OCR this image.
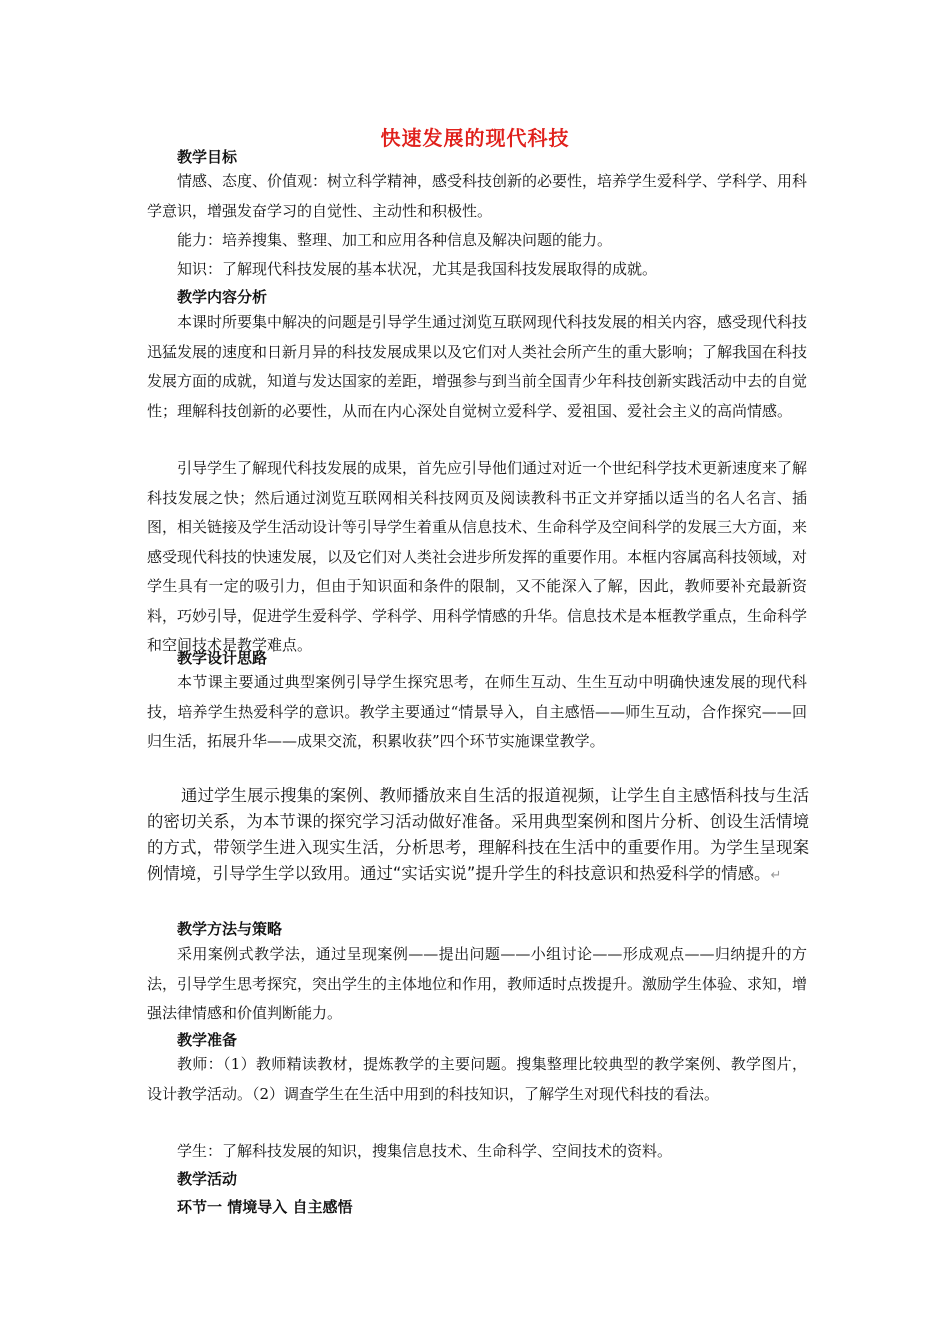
快速发展的现代科技
教学目标

情感、态度、价值观：树立科学精神，感受科技创新的必要性，培养学生爱科学、学科学、用科学意识，增强发奋学习的自觉性、主动性和积极性。

能力：培养搜集、整理、加工和应用各种信息及解决问题的能力。

知识：了解现代科技发展的基本状况，尤其是我国科技发展取得的成就。

教学内容分析

本课时所要集中解决的问题是引导学生通过浏览互联网现代科技发展的相关内容，感受现代科技迅猛发展的速度和日新月异的科技发展成果以及它们对人类社会所产生的重大影响；了解我国在科技发展方面的成就，知道与发达国家的差距，增强参与到当前全国青少年科技创新实践活动中去的自觉性；理解科技创新的必要性，从而在内心深处自觉树立爱科学、爱祖国、爱社会主义的高尚情感。

引导学生了解现代科技发展的成果，首先应引导他们通过对近一个世纪科学技术更新速度来了解科技发展之快；然后通过浏览互联网相关科技网页及阅读教科书正文并穿插以适当的名人名言、插图，相关链接及学生活动设计等引导学生着重从信息技术、生命科学及空间科学的发展三大方面，来感受现代科技的快速发展，以及它们对人类社会进步所发挥的重要作用。本框内容属高科技领域，对学生具有一定的吸引力，但由于知识面和条件的限制，又不能深入了解，因此，教师要补充最新资料，巧妙引导，促进学生爱科学、学科学、用科学情感的升华。信息技术是本框教学重点，生命科学和空间技术是教学难点。

教学设计思路

本节课主要通过典型案例引导学生探究思考，在师生互动、生生互动中明确快速发展的现代科技，培养学生热爱科学的意识。教学主要通过“情景导入，自主感悟——师生互动，合作探究——回归生活，拓展升华——成果交流，积累收获”四个环节实施课堂教学。

通过学生展示搜集的案例、教师播放来自生活的报道视频，让学生自主感悟科技与生活的密切关系，为本节课的探究学习活动做好准备。采用典型案例和图片分析、创设生活情境的方式，带领学生进入现实生活，分析思考，理解科技在生活中的重要作用。为学生呈现案例情境，引导学生学以致用。通过“实话实说”提升学生的科技意识和热爱科学的情感。↵

教学方法与策略

采用案例式教学法，通过呈现案例——提出问题——小组讨论——形成观点——归纳提升的方法，引导学生思考探究，突出学生的主体地位和作用，教师适时点拨提升。激励学生体验、求知，增强法律情感和价值判断能力。

教学准备

教师：（1）教师精读教材，提炼教学的主要问题。搜集整理比较典型的教学案例、教学图片，设计教学活动。（2）调查学生在生活中用到的科技知识，了解学生对现代科技的看法。

学生：了解科技发展的知识，搜集信息技术、生命科学、空间技术的资料。

教学活动
环节一 情境导入 自主感悟
